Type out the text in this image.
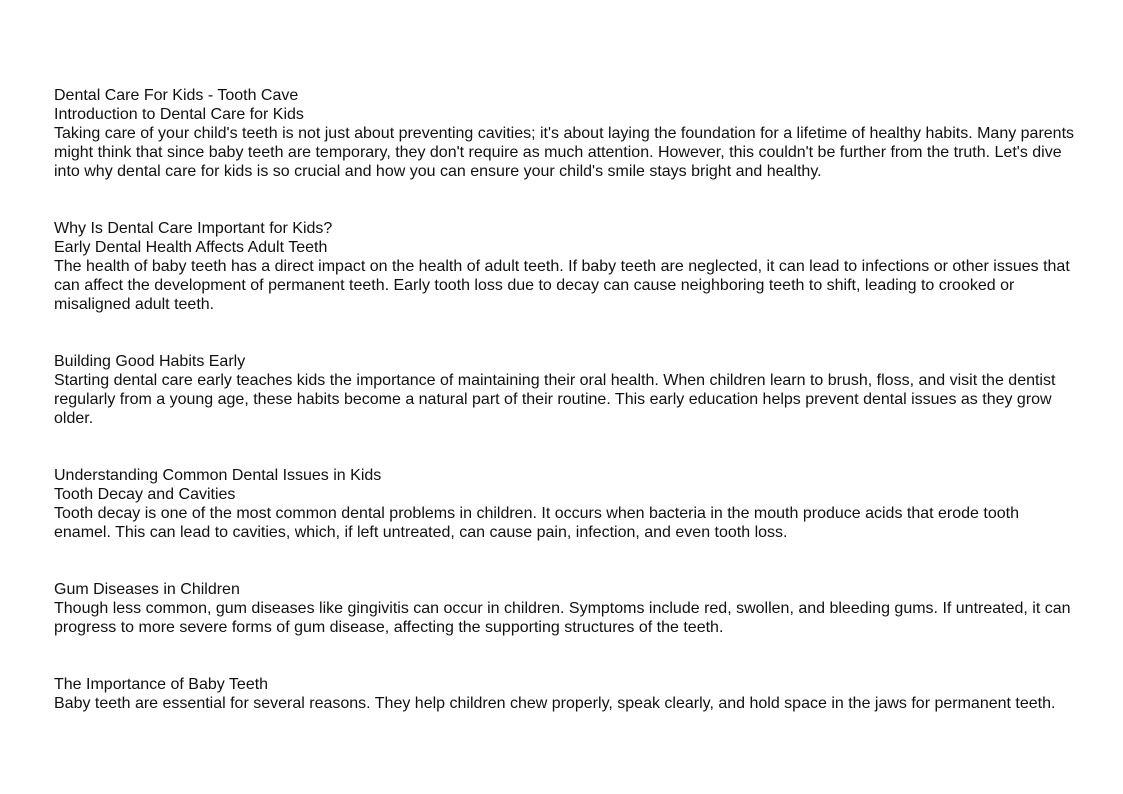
Dental Care For Kids - Tooth Cave
Introduction to Dental Care for Kids

Taking care of your child's teeth is not just about preventing cavities; it's about laying the foundation for a lifetime of healthy habits. Many parents might think that since baby teeth are temporary, they don't require as much attention. However, this couldn't be further from the truth. Let's dive into why dental care for kids is so crucial and how you can ensure your child's smile stays bright and healthy.

Why Is Dental Care Important for Kids?
Early Dental Health Affects Adult Teeth

The health of baby teeth has a direct impact on the health of adult teeth. If baby teeth are neglected, it can lead to infections or other issues that can affect the development of permanent teeth. Early tooth loss due to decay can cause neighboring teeth to shift, leading to crooked or misaligned adult teeth.

Building Good Habits Early

Starting dental care early teaches kids the importance of maintaining their oral health. When children learn to brush, floss, and visit the dentist regularly from a young age, these habits become a natural part of their routine. This early education helps prevent dental issues as they grow older.

Understanding Common Dental Issues in Kids
Tooth Decay and Cavities

Tooth decay is one of the most common dental problems in children. It occurs when bacteria in the mouth produce acids that erode tooth enamel. This can lead to cavities, which, if left untreated, can cause pain, infection, and even tooth loss.

Gum Diseases in Children

Though less common, gum diseases like gingivitis can occur in children. Symptoms include red, swollen, and bleeding gums. If untreated, it can progress to more severe forms of gum disease, affecting the supporting structures of the teeth.

The Importance of Baby Teeth

Baby teeth are essential for several reasons. They help children chew properly, speak clearly, and hold space in the jaws for permanent teeth.
